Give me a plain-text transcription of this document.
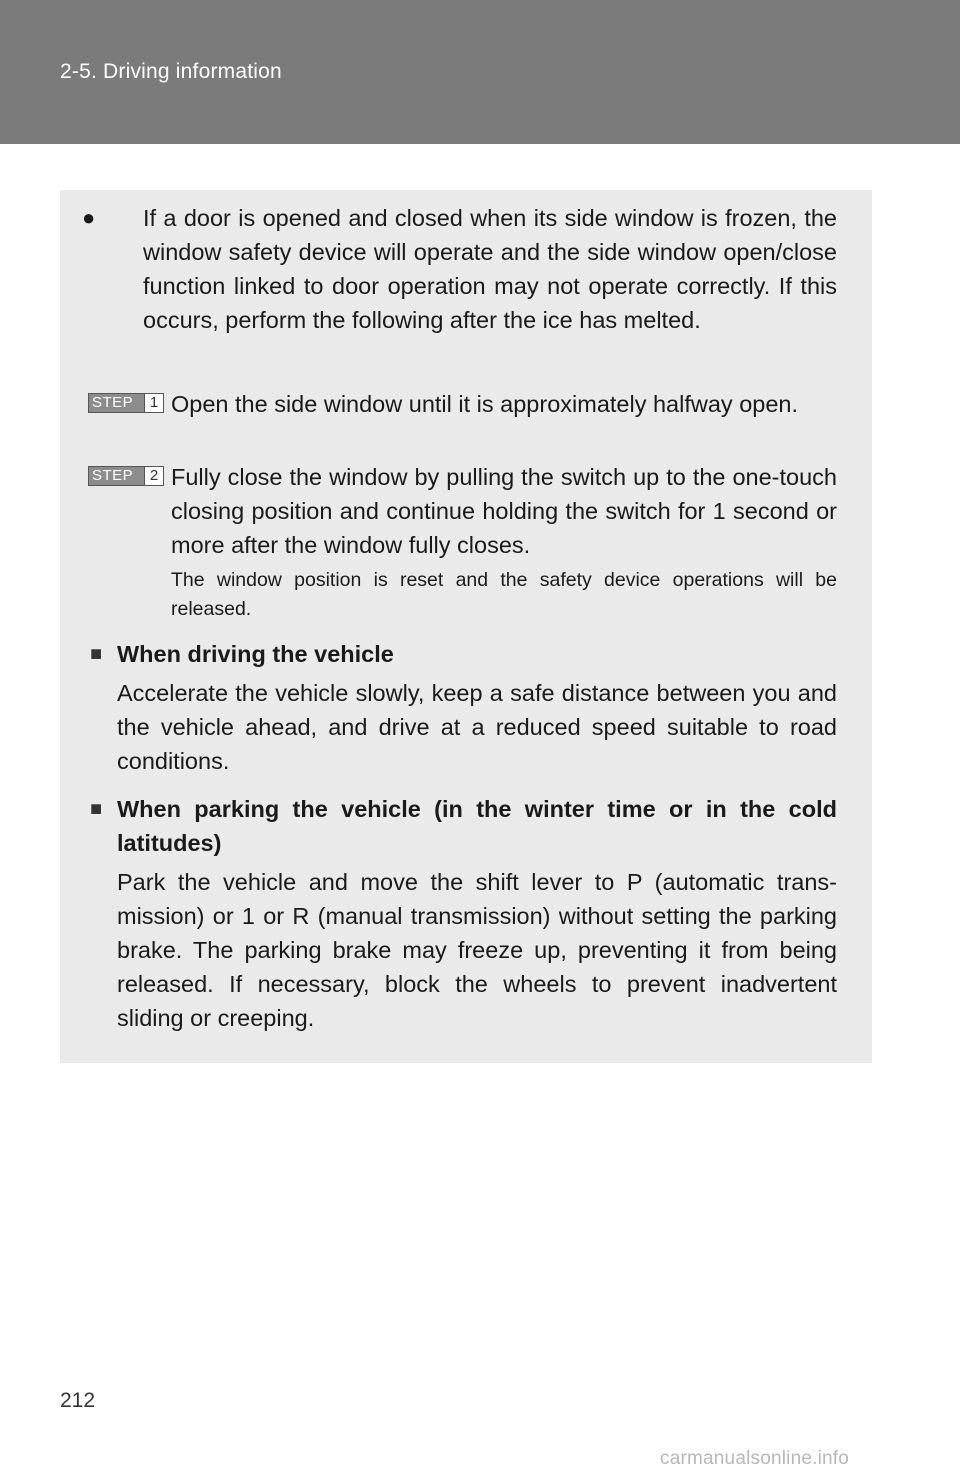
2-5. Driving information
● If a door is opened and closed when its side window is frozen, the window safety device will operate and the side window open/close function linked to door operation may not operate correctly. If this occurs, perform the following after the ice has melted.
STEP	1 Open the side window until it is approximately halfway open.
STEP	2 Fully close the window by pulling the switch up to the one-touch closing position and continue holding the switch for 1 second or more after the window fully closes.
The window position is reset and the safety device operations will be released.
■ When driving the vehicle
Accelerate the vehicle slowly, keep a safe distance between you and the vehicle ahead, and drive at a reduced speed suitable to road conditions.
■ When parking the vehicle (in the winter time or in the cold latitudes)
Park the vehicle and move the shift lever to P (automatic trans-mission) or 1 or R (manual transmission) without setting the parking brake. The parking brake may freeze up, preventing it from being released. If necessary, block the wheels to prevent inadvertent sliding or creeping.
212
carmanualsonline.info
